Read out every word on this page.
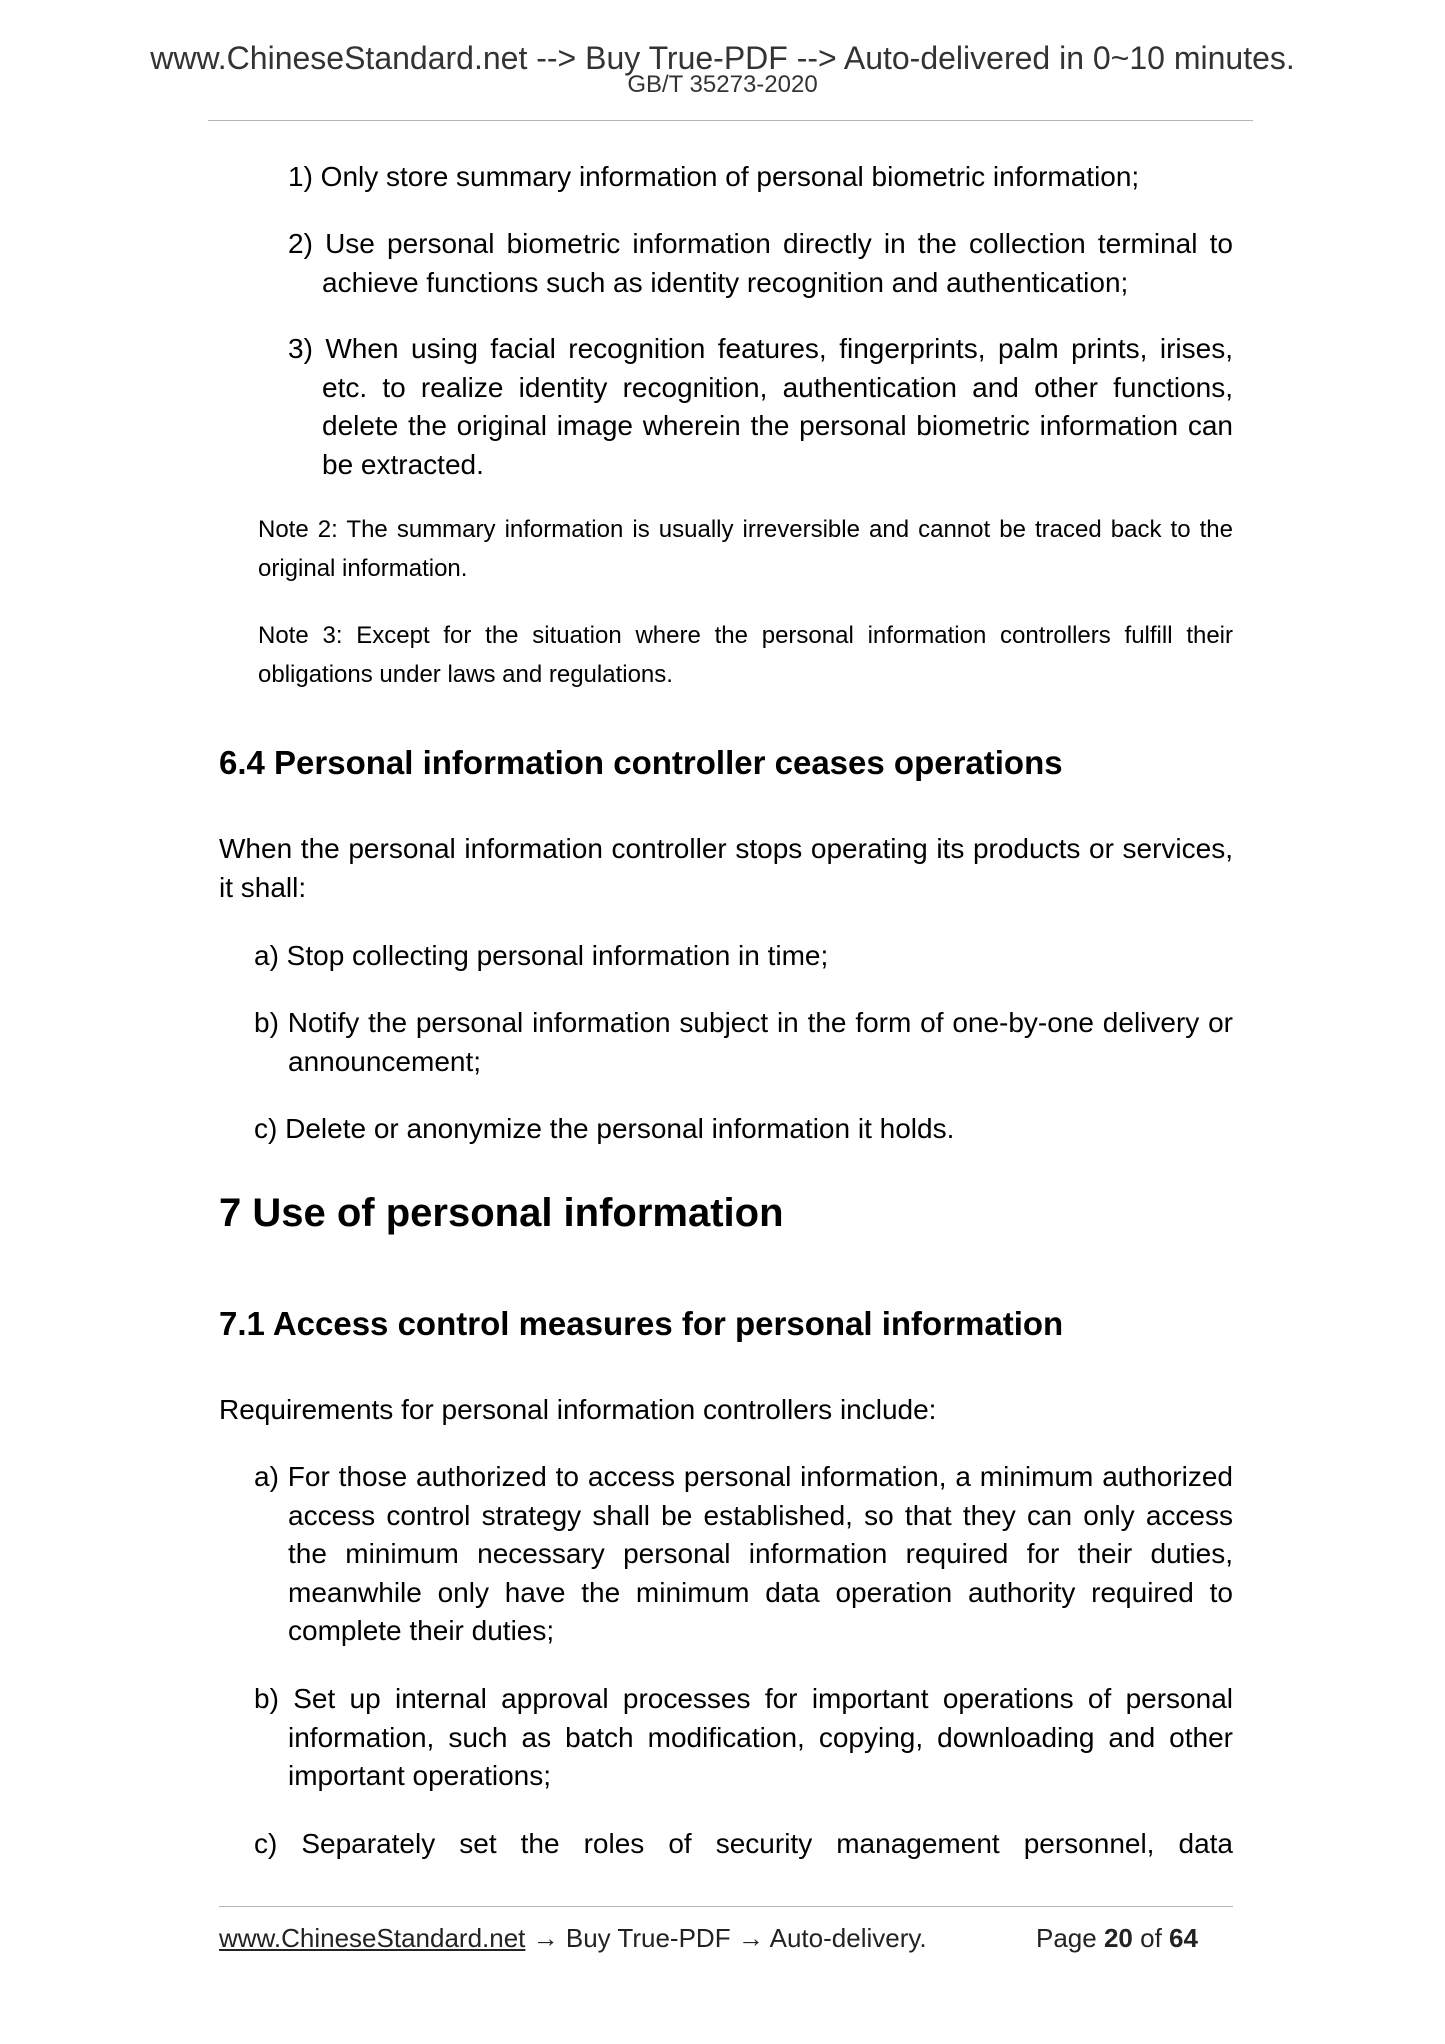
www.ChineseStandard.net --> Buy True-PDF --> Auto-delivered in 0~10 minutes.
GB/T 35273-2020
1) Only store summary information of personal biometric information;
2) Use personal biometric information directly in the collection terminal to achieve functions such as identity recognition and authentication;
3) When using facial recognition features, fingerprints, palm prints, irises, etc. to realize identity recognition, authentication and other functions, delete the original image wherein the personal biometric information can be extracted.
Note 2: The summary information is usually irreversible and cannot be traced back to the original information.
Note 3: Except for the situation where the personal information controllers fulfill their obligations under laws and regulations.
6.4 Personal information controller ceases operations
When the personal information controller stops operating its products or services, it shall:
a) Stop collecting personal information in time;
b) Notify the personal information subject in the form of one-by-one delivery or announcement;
c) Delete or anonymize the personal information it holds.
7 Use of personal information
7.1 Access control measures for personal information
Requirements for personal information controllers include:
a) For those authorized to access personal information, a minimum authorized access control strategy shall be established, so that they can only access the minimum necessary personal information required for their duties, meanwhile only have the minimum data operation authority required to complete their duties;
b) Set up internal approval processes for important operations of personal information, such as batch modification, copying, downloading and other important operations;
c) Separately set the roles of security management personnel, data
www.ChineseStandard.net → Buy True-PDF → Auto-delivery.	Page 20 of 64
